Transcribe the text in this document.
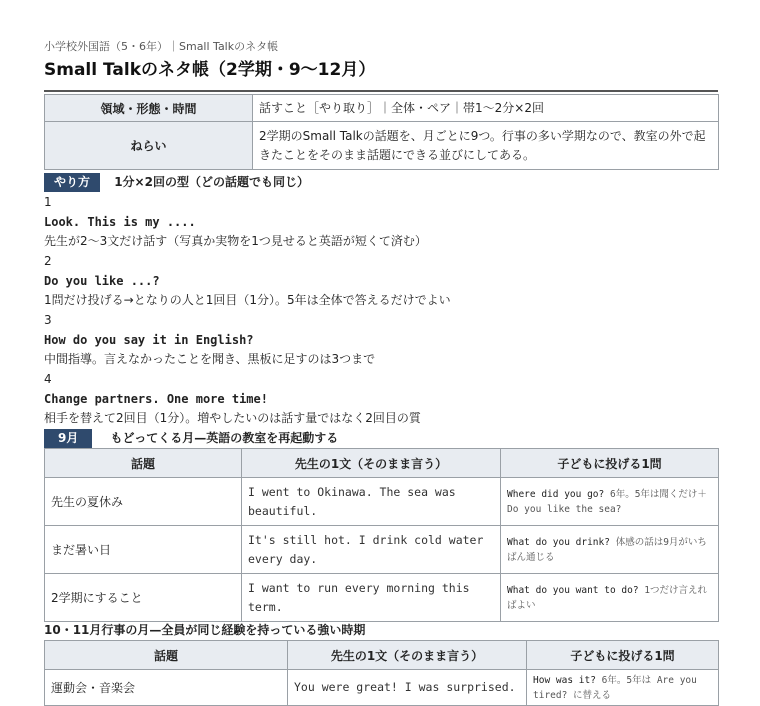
小学校外国語（5・6年）｜Small Talkのネタ帳
Small Talkのネタ帳（2学期・9〜12月）
領域・形態・時間	話すこと［やり取り］｜全体・ペア｜帯1〜2分×2回
ねらい	2学期のSmall Talkの話題を、月ごとに9つ。行事の多い学期なので、教室の外で起きたことをそのまま話題にできる並びにしてある。
やり方 1分×2回の型（どの話題でも同じ）
1
Look. This is my ....
先生が2〜3文だけ話す（写真か実物を1つ見せると英語が短くて済む）
2
Do you like ...?
1問だけ投げる→となりの人と1回目（1分）。5年は全体で答えるだけでよい
3
How do you say it in English?
中間指導。言えなかったことを聞き、黒板に足すのは3つまで
4
Change partners. One more time!
相手を替えて2回目（1分）。増やしたいのは話す量ではなく2回目の質
9月	もどってくる月—英語の教室を再起動する
話題	先生の1文（そのまま言う）	子どもに投げる1問
先生の夏休み	I went to Okinawa. The sea was beautiful.	Where did you go? 6年。5年は聞くだけ＋Do you like the sea?
まだ暑い日	It's still hot. I drink cold water every day.	What do you drink? 体感の話は9月がいちばん通じる
2学期にすること	I want to run every morning this term.	What do you want to do? 1つだけ言えればよい
10・11月行事の月—全員が同じ経験を持っている強い時期
話題	先生の1文（そのまま言う）	子どもに投げる1問
運動会・音楽会	You were great! I was surprised.	How was it? 6年。5年は Are you tired? に替える
